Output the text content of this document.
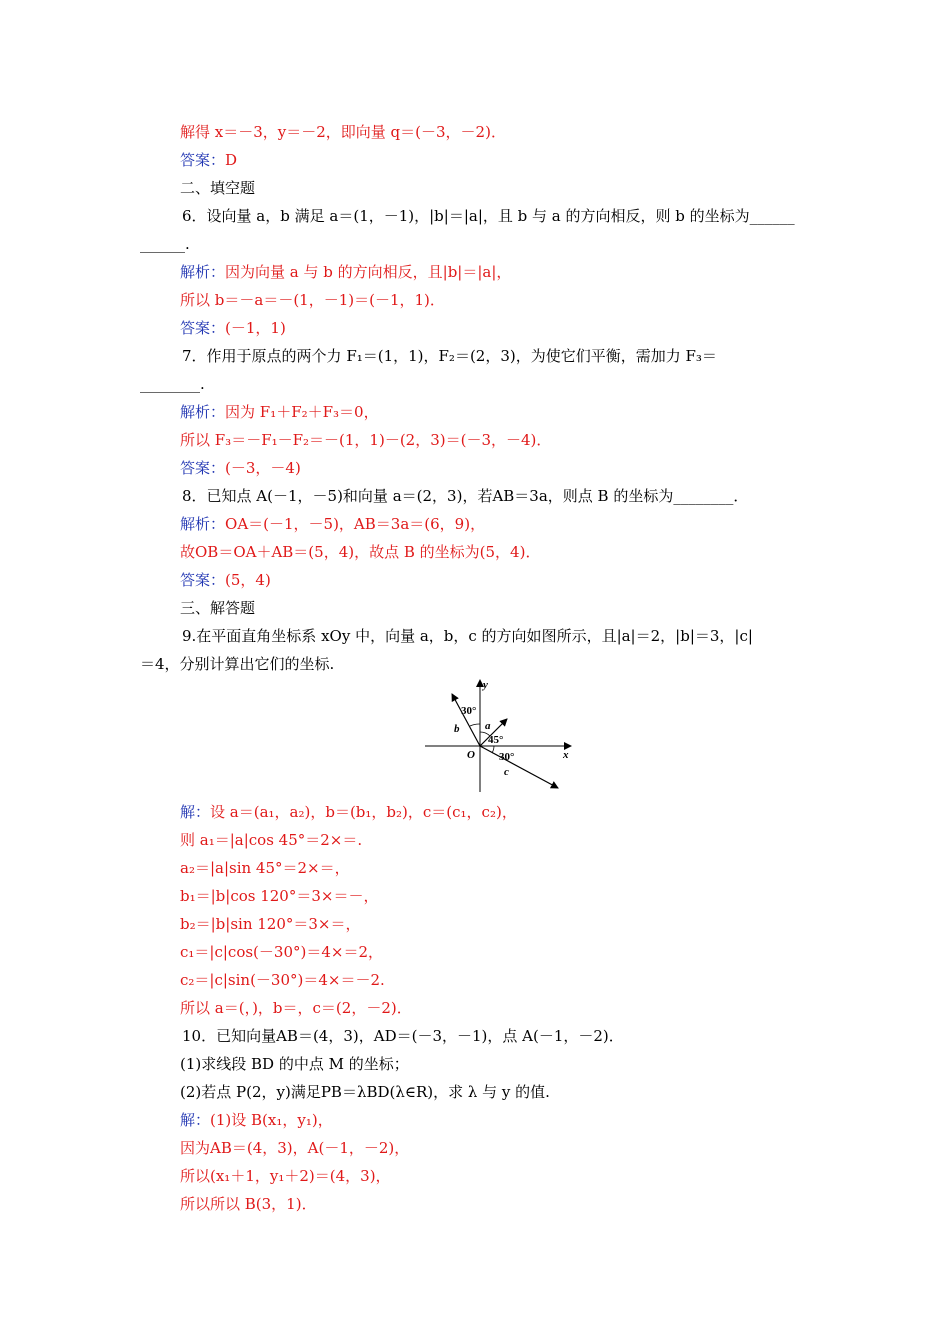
解得 x＝－3，y＝－2，即向量 q＝(－3，－2)．
答案：D
二、填空题
6．设向量 a，b 满足 a＝(1，－1)，|b|＝|a|，且 b 与 a 的方向相反，则 b 的坐标为______
______.
解析：因为向量 a 与 b 的方向相反，且|b|＝|a|，
所以 b＝－a＝－(1，－1)＝(－1，1)．
答案：(－1，1)
7．作用于原点的两个力 F₁＝(1，1)，F₂＝(2，3)，为使它们平衡，需加力 F₃＝
________.
解析：因为 F₁＋F₂＋F₃＝0，
所以 F₃＝－F₁－F₂＝－(1，1)－(2，3)＝(－3，－4)．
答案：(－3，－4)
8．已知点 A(－1，－5)和向量 a＝(2，3)，若AB＝3a，则点 B 的坐标为________．
解析：OA＝(－1，－5)，AB＝3a＝(6，9)，
故OB＝OA＋AB＝(5，4)，故点 B 的坐标为(5，4)．
答案：(5，4)
三、解答题
9.在平面直角坐标系 xOy 中，向量 a，b，c 的方向如图所示，且|a|＝2，|b|＝3，|c|
＝4，分别计算出它们的坐标.
y
x
O
a
b
c
30°
45°
30°
解：设 a＝(a₁，a₂)，b＝(b₁，b₂)，c＝(c₁，c₂)，
则 a₁＝|a|cos 45°＝2×＝.
a₂＝|a|sin 45°＝2×＝，
b₁＝|b|cos 120°＝3×＝－，
b₂＝|b|sin 120°＝3×＝，
c₁＝|c|cos(－30°)＝4×＝2，
c₂＝|c|sin(－30°)＝4×＝－2.
所以 a＝(，)，b＝，c＝(2，－2)．
10．已知向量AB＝(4，3)，AD＝(－3，－1)，点 A(－1，－2)．
(1)求线段 BD 的中点 M 的坐标；
(2)若点 P(2，y)满足PB＝λBD(λ∈R)，求 λ 与 y 的值.
解：(1)设 B(x₁，y₁)，
因为AB＝(4，3)，A(－1，－2)，
所以(x₁＋1，y₁＋2)＝(4，3)，
所以所以 B(3，1)．
